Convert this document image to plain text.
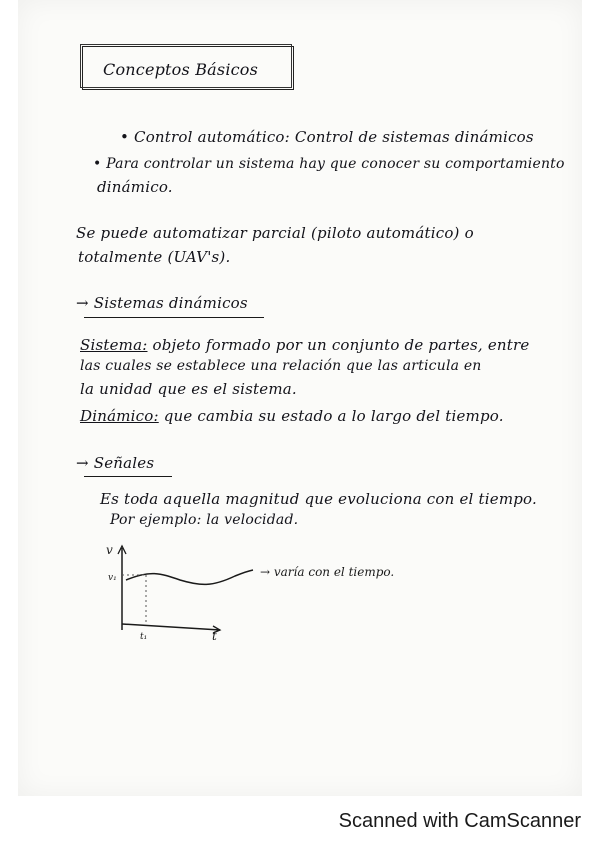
Conceptos Básicos
• Control automático: Control de sistemas dinámicos
• Para controlar un sistema hay que conocer su comportamiento
dinámico.
Se puede automatizar parcial (piloto automático) o
totalmente (UAV's).
→ Sistemas dinámicos
Sistema: objeto formado por un conjunto de partes, entre
las cuales se establece una relación que las articula en
la unidad que es el sistema.
Dinámico: que cambia su estado a lo largo del tiempo.
→ Señales
Es toda aquella magnitud que evoluciona con el tiempo.
Por ejemplo: la velocidad.
v
t
v₁
t₁
→ varía con el tiempo.
Scanned with CamScanner
